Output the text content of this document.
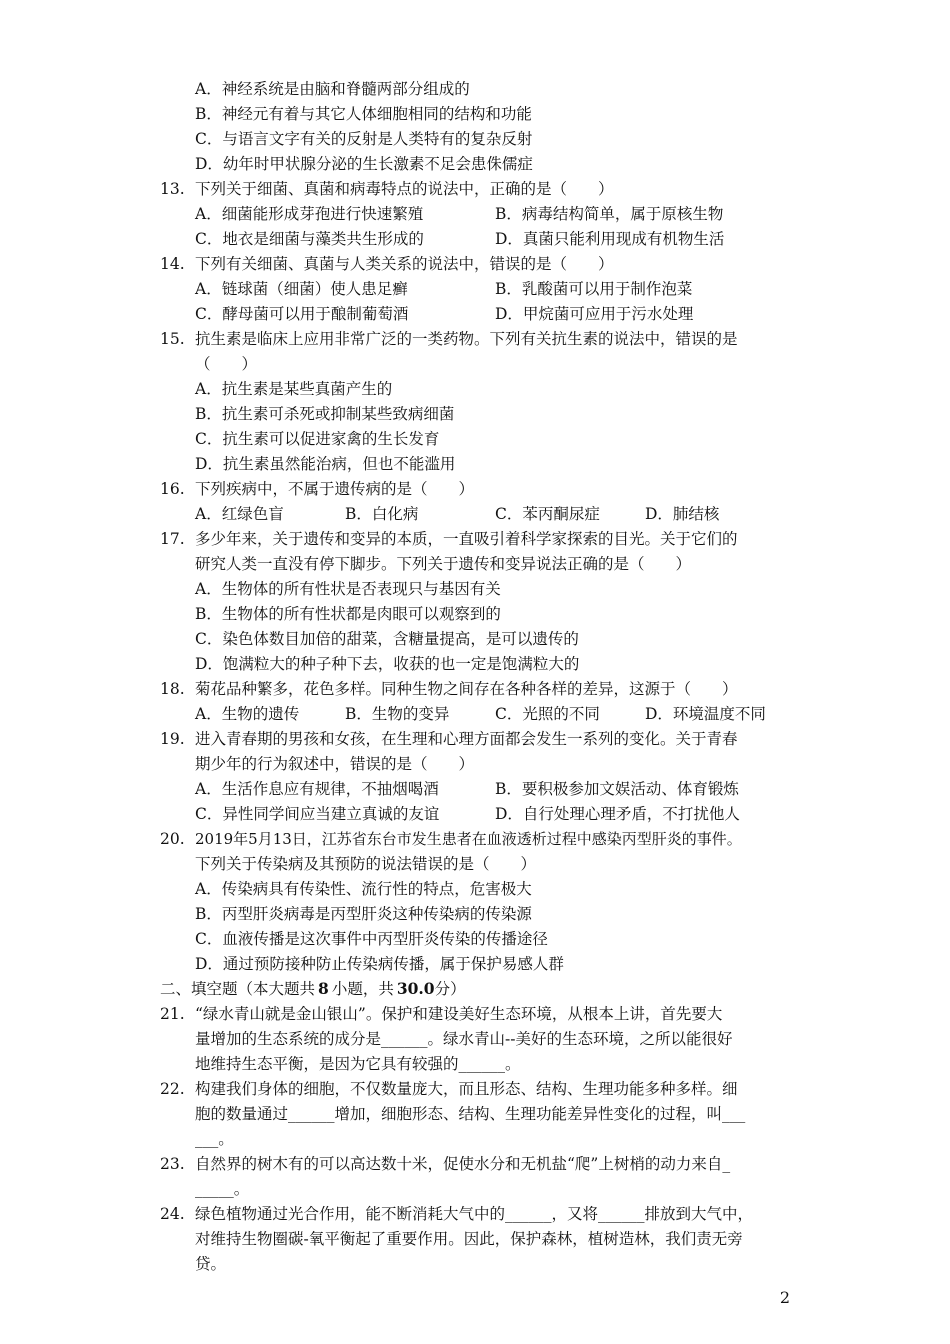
A．神经系统是由脑和脊髓两部分组成的
B．神经元有着与其它人体细胞相同的结构和功能
C．与语言文字有关的反射是人类特有的复杂反射
D．幼年时甲状腺分泌的生长激素不足会患侏儒症
13. 下列关于细菌、真菌和病毒特点的说法中，正确的是（　　）
A．细菌能形成芽孢进行快速繁殖	B．病毒结构简单，属于原核生物
C．地衣是细菌与藻类共生形成的	D．真菌只能利用现成有机物生活
14. 下列有关细菌、真菌与人类关系的说法中，错误的是（　　）
A．链球菌（细菌）使人患足癣	B．乳酸菌可以用于制作泡菜
C．酵母菌可以用于酿制葡萄酒	D．甲烷菌可应用于污水处理
15. 抗生素是临床上应用非常广泛的一类药物。下列有关抗生素的说法中，错误的是
（　　）
A．抗生素是某些真菌产生的
B．抗生素可杀死或抑制某些致病细菌
C．抗生素可以促进家禽的生长发育
D．抗生素虽然能治病，但也不能滥用
16. 下列疾病中，不属于遗传病的是（　　）
A．红绿色盲	B．白化病	C．苯丙酮尿症	D．肺结核
17. 多少年来，关于遗传和变异的本质，一直吸引着科学家探索的目光。关于它们的
研究人类一直没有停下脚步。下列关于遗传和变异说法正确的是（　　）
A．生物体的所有性状是否表现只与基因有关
B．生物体的所有性状都是肉眼可以观察到的
C．染色体数目加倍的甜菜，含糖量提高，是可以遗传的
D．饱满粒大的种子种下去，收获的也一定是饱满粒大的
18. 菊花品种繁多，花色多样。同种生物之间存在各种各样的差异，这源于（　　）
A．生物的遗传	B．生物的变异	C．光照的不同	D．环境温度不同
19. 进入青春期的男孩和女孩，在生理和心理方面都会发生一系列的变化。关于青春
期少年的行为叙述中，错误的是（　　）
A．生活作息应有规律，不抽烟喝酒	B．要积极参加文娱活动、体育锻炼
C．异性同学间应当建立真诚的友谊	D．自行处理心理矛盾，不打扰他人
20. 2019年5月13日，江苏省东台市发生患者在血液透析过程中感染丙型肝炎的事件。
下列关于传染病及其预防的说法错误的是（　　）
A．传染病具有传染性、流行性的特点，危害极大
B．丙型肝炎病毒是丙型肝炎这种传染病的传染源
C．血液传播是这次事件中丙型肝炎传染的传播途径
D．通过预防接种防止传染病传播，属于保护易感人群
二、填空题（本大题共 8 小题，共 30.0分）
21. “绿水青山就是金山银山”。保护和建设美好生态环境，从根本上讲，首先要大
量增加的生态系统的成分是______。绿水青山--美好的生态环境，之所以能很好
地维持生态平衡，是因为它具有较强的______。
22. 构建我们身体的细胞，不仅数量庞大，而且形态、结构、生理功能多种多样。细
胞的数量通过______增加，细胞形态、结构、生理功能差异性变化的过程，叫___
___。
23. 自然界的树木有的可以高达数十米，促使水分和无机盐“爬”上树梢的动力来自_
_____。
24. 绿色植物通过光合作用，能不断消耗大气中的______，又将______排放到大气中，
对维持生物圈碳-氧平衡起了重要作用。因此，保护森林，植树造林，我们责无旁
贷。
2
